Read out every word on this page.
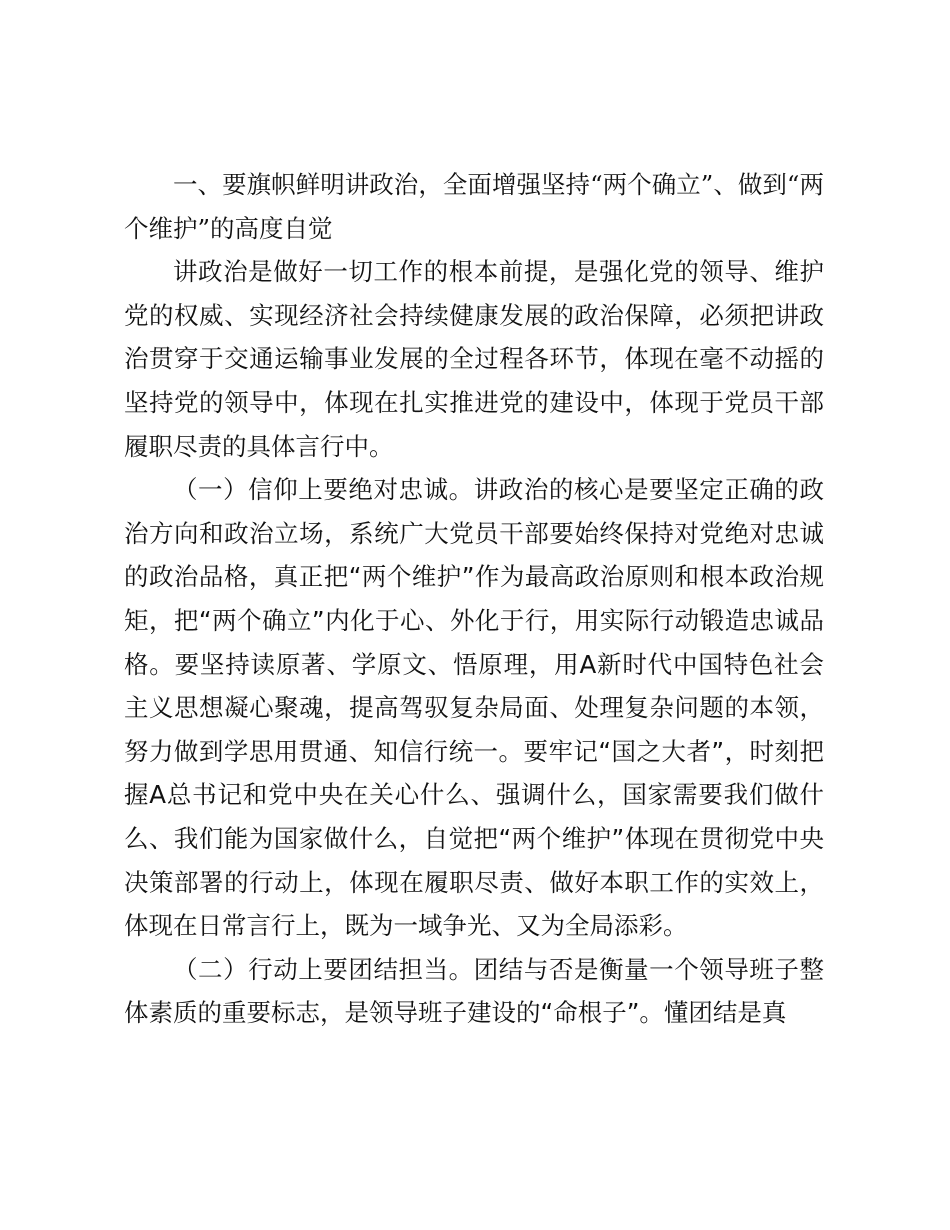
一、要旗帜鲜明讲政治，全面增强坚持“两个确立”、做到“两个维护”的高度自觉

讲政治是做好一切工作的根本前提，是强化党的领导、维护党的权威、实现经济社会持续健康发展的政治保障，必须把讲政治贯穿于交通运输事业发展的全过程各环节，体现在毫不动摇的坚持党的领导中，体现在扎实推进党的建设中，体现于党员干部履职尽责的具体言行中。

（一）信仰上要绝对忠诚。讲政治的核心是要坚定正确的政治方向和政治立场，系统广大党员干部要始终保持对党绝对忠诚的政治品格，真正把“两个维护”作为最高政治原则和根本政治规矩，把“两个确立”内化于心、外化于行，用实际行动锻造忠诚品格。要坚持读原著、学原文、悟原理，用A新时代中国特色社会主义思想凝心聚魂，提高驾驭复杂局面、处理复杂问题的本领，努力做到学思用贯通、知信行统一。要牢记“国之大者”，时刻把握A总书记和党中央在关心什么、强调什么，国家需要我们做什么、我们能为国家做什么，自觉把“两个维护”体现在贯彻党中央决策部署的行动上，体现在履职尽责、做好本职工作的实效上，体现在日常言行上，既为一域争光、又为全局添彩。

（二）行动上要团结担当。团结与否是衡量一个领导班子整体素质的重要标志，是领导班子建设的“命根子”。懂团结是真
